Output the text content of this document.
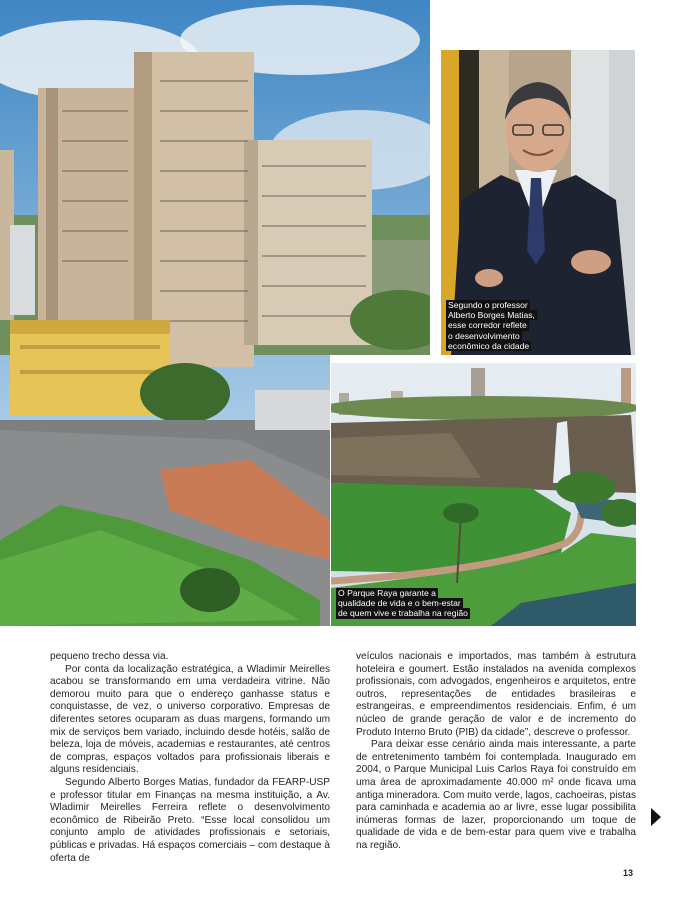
Segundo o professor
Alberto Borges Matias,
esse corredor reflete
o desenvolvimento
econômico da cidade
O Parque Raya garante a
qualidade de vida e o bem-estar
de quem vive e trabalha na região

pequeno trecho dessa via.

Por conta da localização estratégica, a Wladimir Meirelles acabou se transformando em uma verdadeira vitrine. Não demorou muito para que o endereço ganhasse status e conquistasse, de vez, o universo corporativo. Empresas de diferentes setores ocuparam as duas margens, formando um mix de serviços bem variado, incluindo desde hotéis, salão de beleza, loja de móveis, academias e restaurantes, até centros de compras, espaços voltados para profissionais liberais e alguns residenciais.

Segundo Alberto Borges Matias, fundador da FEARP-USP e professor titular em Finanças na mesma instituição, a Av. Wladimir Meirelles Ferreira reflete o desenvolvimento econômico de Ribeirão Preto. “Esse local consolidou um conjunto amplo de atividades profissionais e setoriais, públicas e privadas. Há espaços comerciais – com destaque à oferta de

veículos nacionais e importados, mas também à estrutura hoteleira e goumert. Estão instalados na avenida complexos profissionais, com advogados, engenheiros e arquitetos, entre outros, representações de entidades brasileiras e estrangeiras, e empreendimentos residenciais. Enfim, é um núcleo de grande geração de valor e de incremento do Produto Interno Bruto (PIB) da cidade”, descreve o professor.

Para deixar esse cenário ainda mais interessante, a parte de entretenimento também foi contemplada. Inaugurado em 2004, o Parque Municipal Luis Carlos Raya foi construído em uma área de aproximadamente 40.000 m² onde ficava uma antiga mineradora. Com muito verde, lagos, cachoeiras, pistas para caminhada e academia ao ar livre, esse lugar possibilita inúmeras formas de lazer, proporcionando um toque de qualidade de vida e de bem-estar para quem vive e trabalha na região.

13
